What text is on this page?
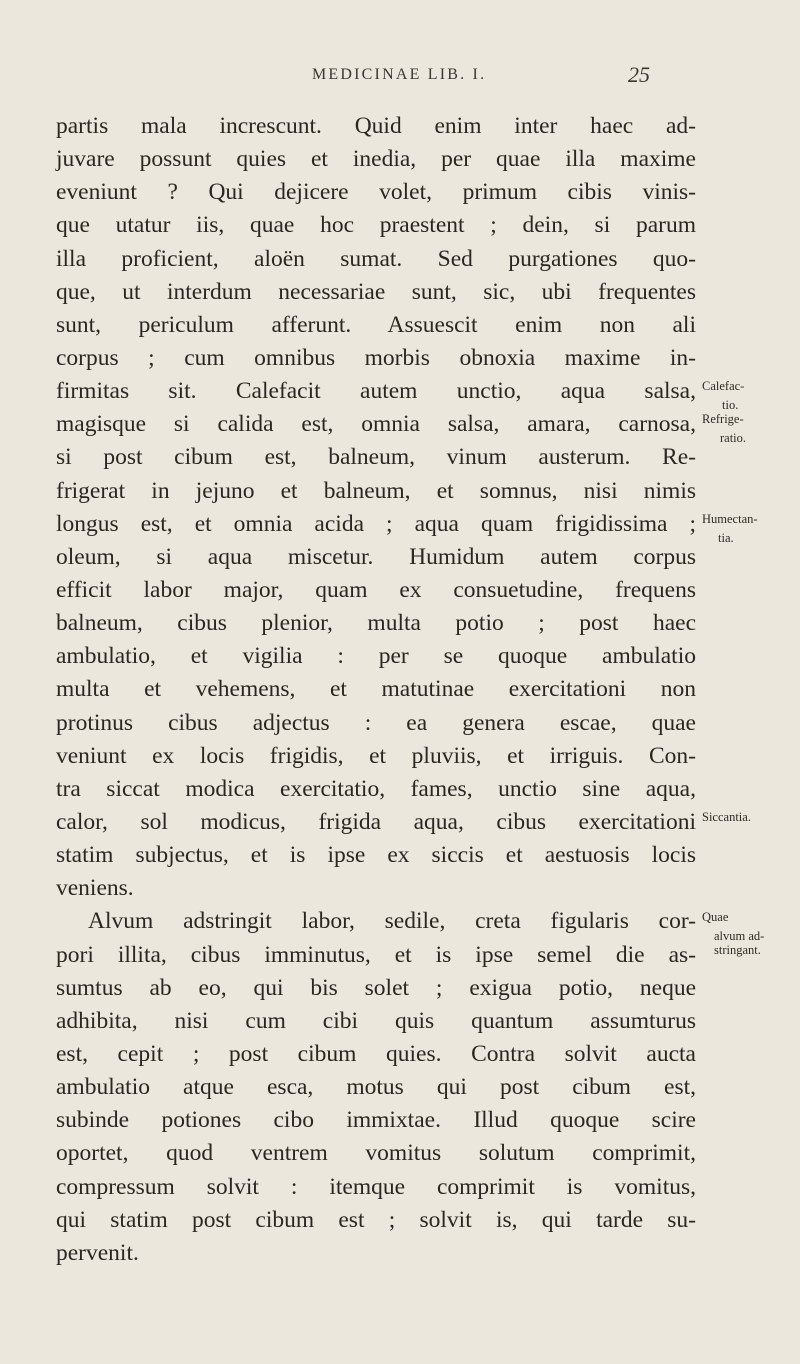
MEDICINAE LIB. I.	25
partis mala increscunt. Quid enim inter haec ad-
juvare possunt quies et inedia, per quae illa maxime
eveniunt ? Qui dejicere volet, primum cibis vinis-
que utatur iis, quae hoc praestent ; dein, si parum
illa proficient, aloën sumat. Sed purgationes quo-
que, ut interdum necessariae sunt, sic, ubi frequentes
sunt, periculum afferunt. Assuescit enim non ali
corpus ; cum omnibus morbis obnoxia maxime in-
firmitas sit. Calefacit autem unctio, aqua salsa,
magisque si calida est, omnia salsa, amara, carnosa,
si post cibum est, balneum, vinum austerum. Re-
frigerat in jejuno et balneum, et somnus, nisi nimis
longus est, et omnia acida ; aqua quam frigidissima ;
oleum, si aqua miscetur. Humidum autem corpus
efficit labor major, quam ex consuetudine, frequens
balneum, cibus plenior, multa potio ; post haec
ambulatio, et vigilia : per se quoque ambulatio
multa et vehemens, et matutinae exercitationi non
protinus cibus adjectus : ea genera escae, quae
veniunt ex locis frigidis, et pluviis, et irriguis. Con-
tra siccat modica exercitatio, fames, unctio sine aqua,
calor, sol modicus, frigida aqua, cibus exercitationi
statim subjectus, et is ipse ex siccis et aestuosis locis
veniens.
Alvum adstringit labor, sedile, creta figularis cor-
pori illita, cibus imminutus, et is ipse semel die as-
sumtus ab eo, qui bis solet ; exigua potio, neque
adhibita, nisi cum cibi quis quantum assumturus
est, cepit ; post cibum quies. Contra solvit aucta
ambulatio atque esca, motus qui post cibum est,
subinde potiones cibo immixtae. Illud quoque scire
oportet, quod ventrem vomitus solutum comprimit,
compressum solvit : itemque comprimit is vomitus,
qui statim post cibum est ; solvit is, qui tarde su-
pervenit.
Calefac-
tio.
Refrige-
ratio.
Humectan-
tia.
Siccantia.
Quae
alvum ad-
stringant.
